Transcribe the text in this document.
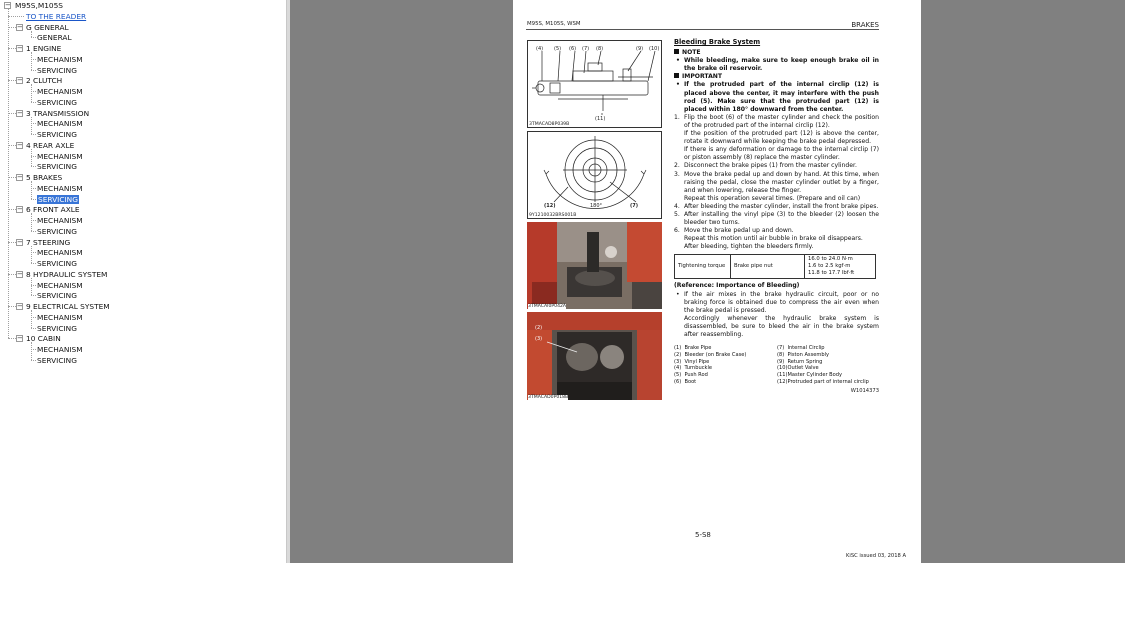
− M95S,M105S
TO THE READER
− G GENERAL
GENERAL
− 1 ENGINE
MECHANISM
SERVICING
− 2 CLUTCH
MECHANISM
SERVICING
− 3 TRANSMISSION
MECHANISM
SERVICING
− 4 REAR AXLE
MECHANISM
SERVICING
− 5 BRAKES
MECHANISM
SERVICING
− 6 FRONT AXLE
MECHANISM
SERVICING
− 7 STEERING
MECHANISM
SERVICING
− 8 HYDRAULIC SYSTEM
MECHANISM
SERVICING
− 9 ELECTRICAL SYSTEM
MECHANISM
SERVICING
− 10 CABIN
MECHANISM
SERVICING
M95S, M105S, WSM	BRAKES
(4) (5) (6) (7) (8)	(9) (10)
(11)
3TMACAD8P039B
(12)	180°	(7)
9Y1210032BRS001B
3TMACAI0P042A
(2)
(3)
3TMACAD0P018B
Bleeding Brake System
NOTE

• While bleeding, make sure to keep enough brake oil in the brake oil reservoir.

IMPORTANT

• If the protruded part of the internal circlip (12) is placed above the center, it may interfere with the push rod (5). Make sure that the protruded part (12) is placed within 180° downward from the center.

1. Flip the boot (6) of the master cylinder and check the position of the protruded part of the internal circlip (12).

If the position of the protruded part (12) is above the center, rotate it downward while keeping the brake pedal depressed.

If there is any deformation or damage to the internal circlip (7) or piston assembly (8) replace the master cylinder.

2. Disconnect the brake pipes (1) from the master cylinder.

3. Move the brake pedal up and down by hand. At this time, when raising the pedal, close the master cylinder outlet by a finger, and when lowering, release the finger.

Repeat this operation several times. (Prepare and oil can)

4. After bleeding the master cylinder, install the front brake pipes.

5. After installing the vinyl pipe (3) to the bleeder (2) loosen the bleeder two turns.

6. Move the brake pedal up and down.

Repeat this motion until air bubble in brake oil disappears.

After bleeding, tighten the bleeders firmly.

Tightening torque	Brake pipe nut	
16.0 to 24.0 N·m
1.6 to 2.5 kgf·m
11.8 to 17.7 lbf·ft
(Reference: Importance of Bleeding)

• If the air mixes in the brake hydraulic circuit, poor or no braking force is obtained due to compress the air even when the brake pedal is pressed.

Accordingly whenever the hydraulic brake system is disassembled, be sure to bleed the air in the brake system after reassembling.

(1)  Brake Pipe
(2)  Bleeder (on Brake Case)
(3)  Vinyl Pipe
(4)  Turnbuckle
(5)  Push Rod
(6)  Boot
(7)  Internal Circlip
(8)  Piston Assembly
(9)  Return Spring
(10)Outlet Valve
(11)Master Cylinder Body
(12)Protruded part of internal circlip
W1014373
5-S8
KiSC issued 03, 2018 A
